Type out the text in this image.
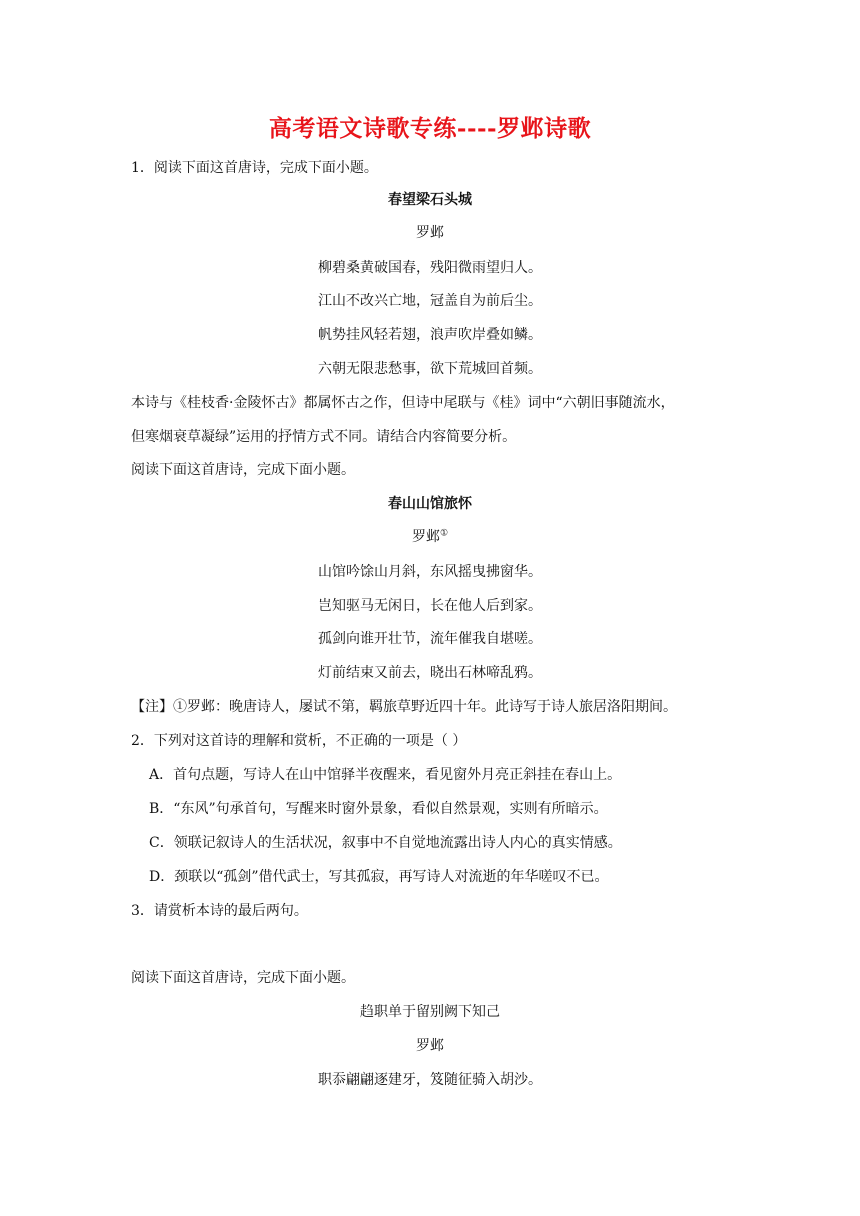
高考语文诗歌专练----罗邺诗歌
1．阅读下面这首唐诗，完成下面小题。
春望梁石头城
罗邺
柳碧桑黄破国春，残阳微雨望归人。
江山不改兴亡地，冠盖自为前后尘。
帆势挂风轻若翅，浪声吹岸叠如鳞。
六朝无限悲愁事，欲下荒城回首频。
本诗与《桂枝香·金陵怀古》都属怀古之作，但诗中尾联与《桂》词中“六朝旧事随流水，
但寒烟衰草凝绿”运用的抒情方式不同。请结合内容简要分析。
阅读下面这首唐诗，完成下面小题。
春山山馆旅怀
罗邺①
山馆吟馀山月斜，东风摇曳拂窗华。
岂知驱马无闲日，长在他人后到家。
孤剑向谁开壮节，流年催我自堪嗟。
灯前结束又前去，晓出石林啼乱鸦。
【注】①罗邺：晚唐诗人，屡试不第，羁旅草野近四十年。此诗写于诗人旅居洛阳期间。
2．下列对这首诗的理解和赏析，不正确的一项是（ ）
A．首句点题，写诗人在山中馆驿半夜醒来，看见窗外月亮正斜挂在春山上。
B．“东风”句承首句，写醒来时窗外景象，看似自然景观，实则有所暗示。
C．领联记叙诗人的生活状况，叙事中不自觉地流露出诗人内心的真实情感。
D．颈联以“孤剑”借代武士，写其孤寂，再写诗人对流逝的年华嗟叹不已。
3．请赏析本诗的最后两句。
阅读下面这首唐诗，完成下面小题。
趋职单于留别阙下知己
罗邺
职忝翩翩逐建牙，笈随征骑入胡沙。
